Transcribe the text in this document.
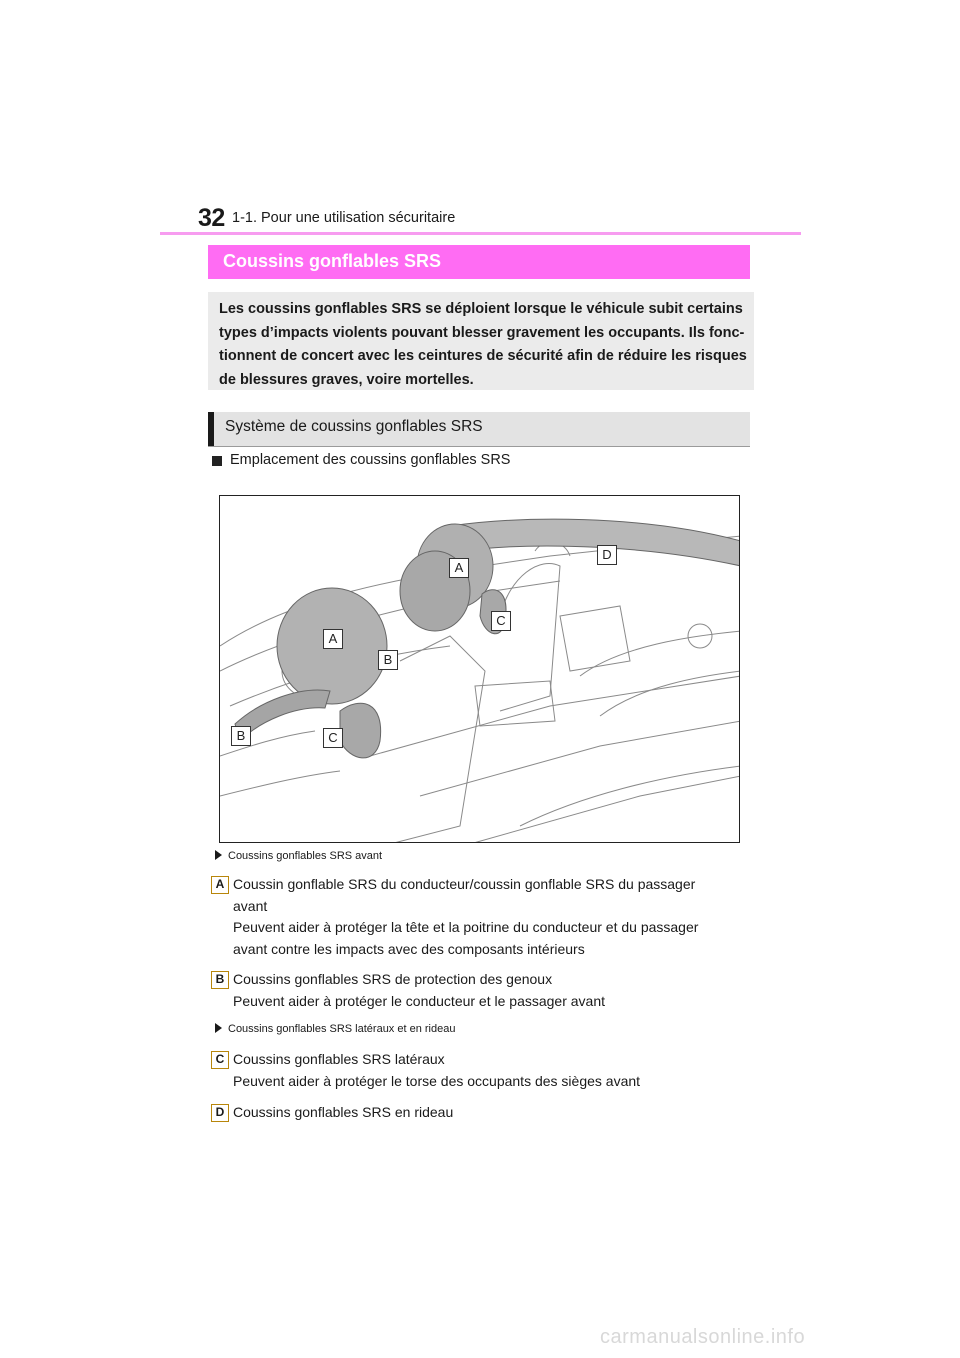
32 1-1. Pour une utilisation sécuritaire
Coussins gonflables SRS

Les coussins gonflables SRS se déploient lorsque le véhicule subit certains

types d’impacts violents pouvant blesser gravement les occupants. Ils fonc-

tionnent de concert avec les ceintures de sécurité afin de réduire les risques

de blessures graves, voire mortelles.

Système de coussins gonflables SRS
Emplacement des coussins gonflables SRS
A
A
B
B	C
C
D
Coussins gonflables SRS avant
A Coussin gonflable SRS du conducteur/coussin gonflable SRS du passager
avant
Peuvent aider à protéger la tête et la poitrine du conducteur et du passager
avant contre les impacts avec des composants intérieurs
B Coussins gonflables SRS de protection des genoux
Peuvent aider à protéger le conducteur et le passager avant
Coussins gonflables SRS latéraux et en rideau
C Coussins gonflables SRS latéraux
Peuvent aider à protéger le torse des occupants des sièges avant
D Coussins gonflables SRS en rideau
carmanualsonline.info
